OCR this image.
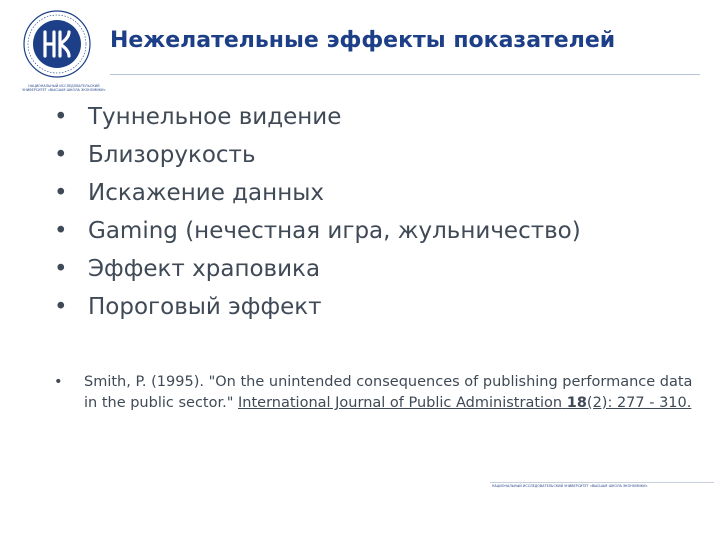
НАЦИОНАЛЬНЫЙ ИССЛЕДОВАТЕЛЬСКИЙ УНИВЕРСИТЕТ «ВЫСШАЯ ШКОЛА ЭКОНОМИКИ»
Нежелательные эффекты показателей
• Туннельное видение
• Близорукость
• Искажение данных
• Gaming (нечестная игра, жульничество)
• Эффект храповика
• Пороговый эффект
•	Smith, P. (1995). "On the unintended consequences of publishing performance data in the public sector." International Journal of Public Administration 18(2): 277 - 310.
НАЦИОНАЛЬНЫЙ ИССЛЕДОВАТЕЛЬСКИЙ УНИВЕРСИТЕТ «ВЫСШАЯ ШКОЛА ЭКОНОМИКИ»
